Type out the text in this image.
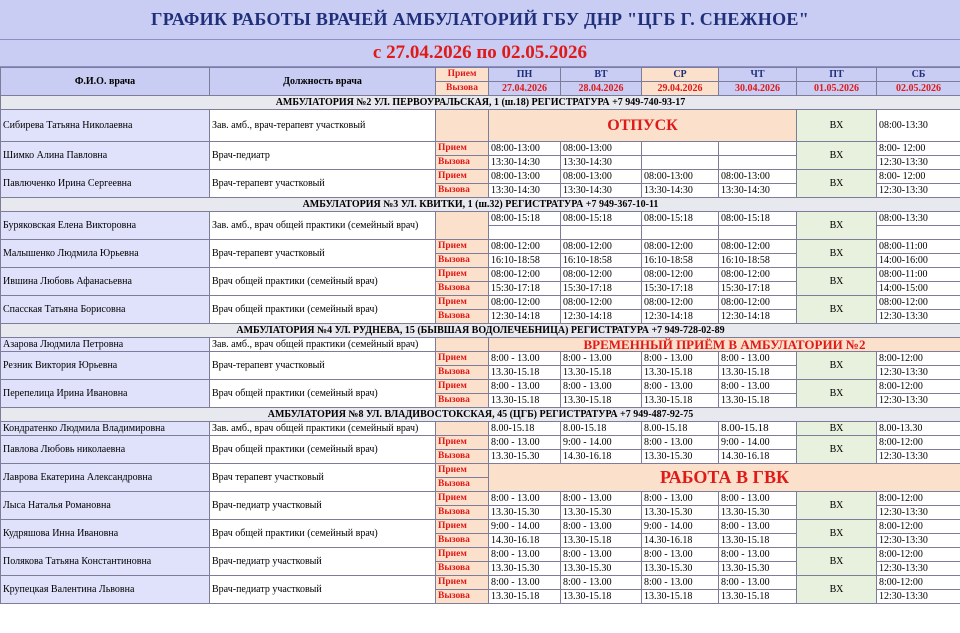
ГРАФИК РАБОТЫ ВРАЧЕЙ АМБУЛАТОРИЙ ГБУ ДНР "ЦГБ Г. СНЕЖНОЕ"
с 27.04.2026 по 02.05.2026
Ф.И.О. врача	Должность врача	Прием	ПН	ВТ	СР	ЧТ	ПТ	СБ
		Вызова	27.04.2026	28.04.2026	29.04.2026	30.04.2026	01.05.2026	02.05.2026
АМБУЛАТОРИЯ №2 УЛ. ПЕРВОУРАЛЬСКАЯ, 1 (ш.18) РЕГИСТРАТУРА +7 949-740-93-17								
Сибирева Татьяна Николаевна	Зав. амб., врач-терапевт участковый		ОТПУСК				ВХ	08:00-13:30
Шимко Алина Павловна	Врач-педиатр	Прием	08:00-13:00	08:00-13:00			ВХ	8:00- 12:00
		Вызова	13:30-14:30	13:30-14:30				12:30-13:30
Павлюченко Ирина Сергеевна	Врач-терапевт участковый	Прием	08:00-13:00	08:00-13:00	08:00-13:00	08:00-13:00	ВХ	8:00- 12:00
		Вызова	13:30-14:30	13:30-14:30	13:30-14:30	13:30-14:30		12:30-13:30
АМБУЛАТОРИЯ №3 УЛ. КВИТКИ, 1 (ш.32) РЕГИСТРАТУРА +7 949-367-10-11								
Буряковская Елена Викторовна	Зав. амб., врач общей практики (семейный врач)		08:00-15:18	08:00-15:18	08:00-15:18	08:00-15:18	ВХ	08:00-13:30

Малышенко Людмила Юрьевна	Врач-терапевт участковый	Прием	08:00-12:00	08:00-12:00	08:00-12:00	08:00-12:00	ВХ	08:00-11:00
		Вызова	16:10-18:58	16:10-18:58	16:10-18:58	16:10-18:58		14:00-16:00
Ившина Любовь Афанасьевна	Врач общей практики (семейный врач)	Прием	08:00-12:00	08:00-12:00	08:00-12:00	08:00-12:00	ВХ	08:00-11:00
		Вызова	15:30-17:18	15:30-17:18	15:30-17:18	15:30-17:18		14:00-15:00
Спасская Татьяна Борисовна	Врач общей практики (семейный врач)	Прием	08:00-12:00	08:00-12:00	08:00-12:00	08:00-12:00	ВХ	08:00-12:00
		Вызова	12:30-14:18	12:30-14:18	12:30-14:18	12:30-14:18		12:30-13:30
АМБУЛАТОРИЯ №4 УЛ. РУДНЕВА, 15 (БЫВШАЯ ВОДОЛЕЧЕБНИЦА) РЕГИСТРАТУРА +7 949-728-02-89								
Азарова Людмила Петровна	Зав. амб., врач общей практики (семейный врач)		ВРЕМЕННЫЙ ПРИЁМ В АМБУЛАТОРИИ №2					

Резник Виктория Юрьевна	Врач-терапевт участковый	Прием	8:00 - 13.00	8:00 - 13.00	8:00 - 13.00	8:00 - 13.00	ВХ	8:00-12:00
		Вызова	13.30-15.18	13.30-15.18	13.30-15.18	13.30-15.18		12:30-13:30
Перепелица Ирина Ивановна	Врач общей практики (семейный врач)	Прием	8:00 - 13.00	8:00 - 13.00	8:00 - 13.00	8:00 - 13.00	ВХ	8:00-12:00
		Вызова	13.30-15.18	13.30-15.18	13.30-15.18	13.30-15.18		12:30-13:30
АМБУЛАТОРИЯ №8 УЛ. ВЛАДИВОСТОКСКАЯ, 45 (ЦГБ) РЕГИСТРАТУРА +7 949-487-92-75								
Кондратенко Людмила Владимировна	Зав. амб., врач общей практики (семейный врач)		8.00-15.18	8.00-15.18	8.00-15.18	8.00-15.18	ВХ	8.00-13.30

Павлова Любовь николаевна	Врач общей практики (семейный врач)	Прием	8:00 - 13.00	9:00 - 14.00	8:00 - 13.00	9:00 - 14.00	ВХ	8:00-12:00
		Вызова	13.30-15.30	14.30-16.18	13.30-15.30	14.30-16.18		12:30-13:30
Лаврова Екатерина Александровна	Врач терапевт участковый	Прием	РАБОТА В ГВК					
		Вызова						
Лыса Наталья Романовна	Врач-педиатр участковый	Прием	8:00 - 13.00	8:00 - 13.00	8:00 - 13.00	8:00 - 13.00	ВХ	8:00-12:00
		Вызова	13.30-15.30	13.30-15.30	13.30-15.30	13.30-15.30		12:30-13:30
Кудряшова Инна Ивановна	Врач общей практики (семейный врач)	Прием	9:00 - 14.00	8:00 - 13.00	9:00 - 14.00	8:00 - 13.00	ВХ	8:00-12:00
		Вызова	14.30-16.18	13.30-15.18	14.30-16.18	13.30-15.18		12:30-13:30
Полякова Татьяна Константиновна	Врач-педиатр участковый	Прием	8:00 - 13.00	8:00 - 13.00	8:00 - 13.00	8:00 - 13.00	ВХ	8:00-12:00
		Вызова	13.30-15.30	13.30-15.30	13.30-15.30	13.30-15.30		12:30-13:30
Крупецкая Валентина Львовна	Врач-педиатр участковый	Прием	8:00 - 13.00	8:00 - 13.00	8:00 - 13.00	8:00 - 13.00	ВХ	8:00-12:00
		Вызова	13.30-15.18	13.30-15.18	13.30-15.18	13.30-15.18		12:30-13:30
